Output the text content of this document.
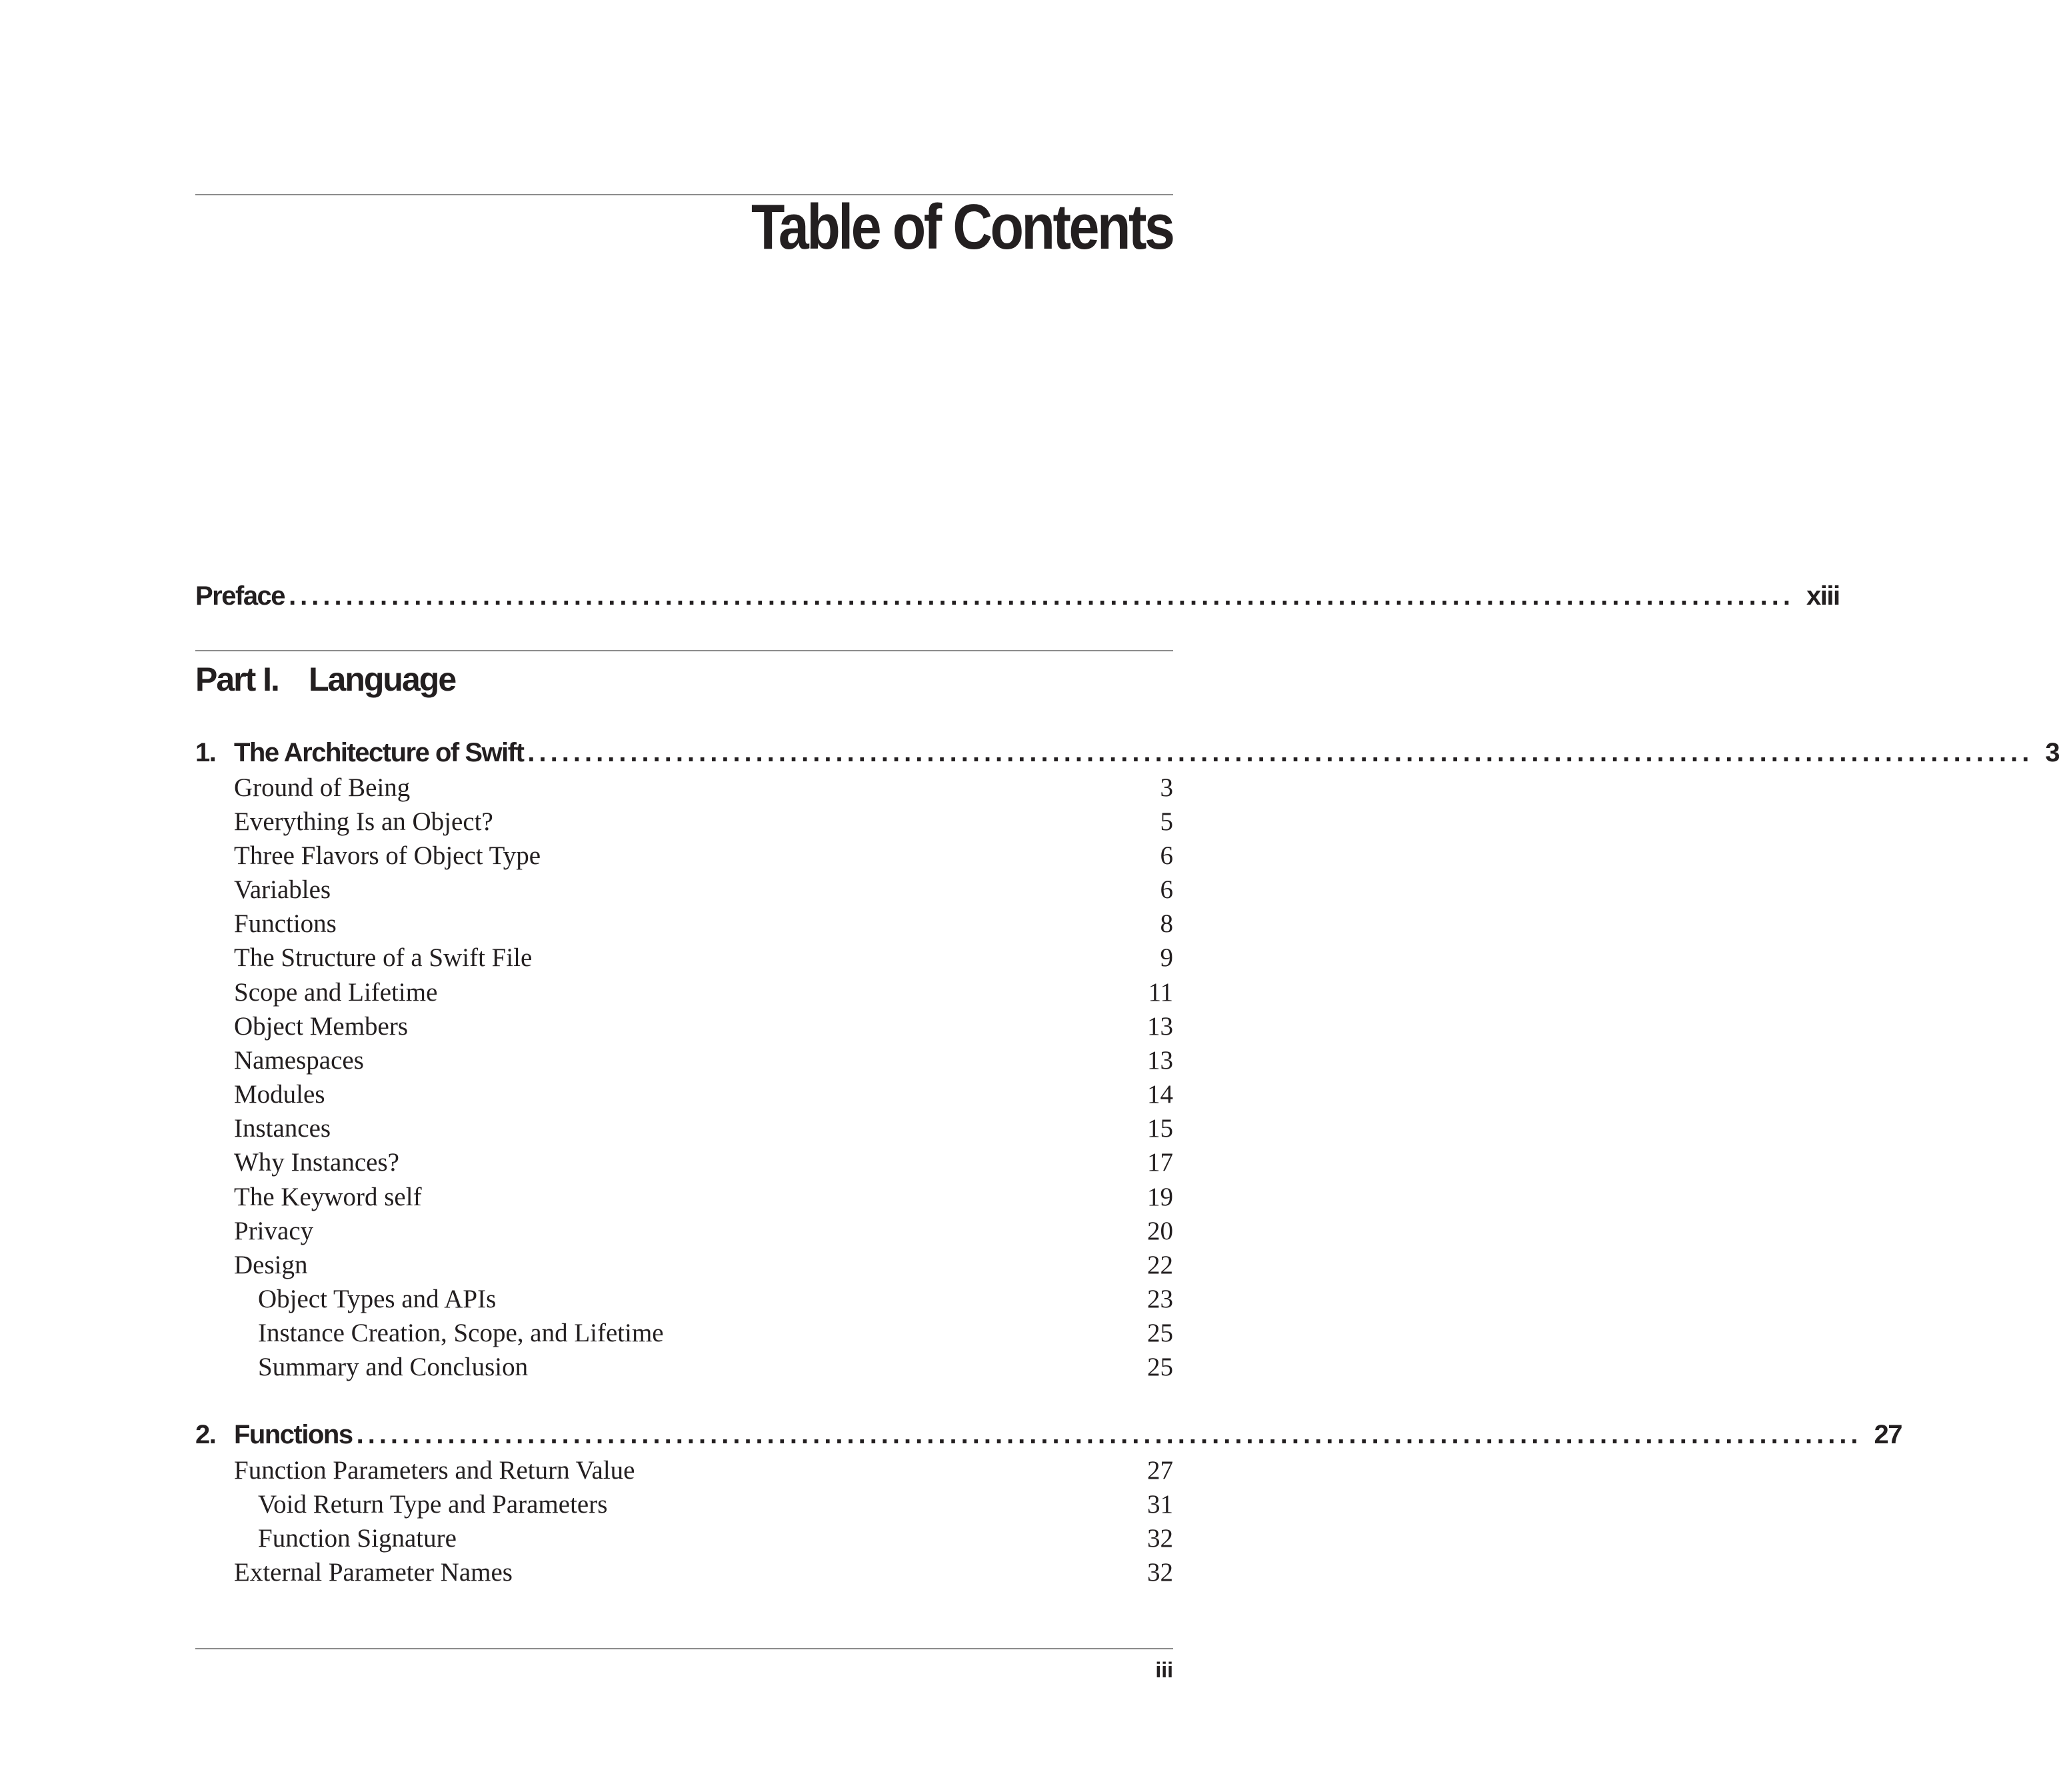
Table of Contents
Preface .................................................................................................................................... xiii
Part I. Language
1. The Architecture of Swift .................................................................................................................................... 3
Ground of Being	3
Everything Is an Object?	5
Three Flavors of Object Type	6
Variables	6
Functions	8
The Structure of a Swift File	9
Scope and Lifetime	11
Object Members	13
Namespaces	13
Modules	14
Instances	15
Why Instances?	17
The Keyword self	19
Privacy	20
Design	22
Object Types and APIs	23
Instance Creation, Scope, and Lifetime	25
Summary and Conclusion	25
2. Functions .................................................................................................................................... 27
Function Parameters and Return Value	27
Void Return Type and Parameters	31
Function Signature	32
External Parameter Names	32
iii
